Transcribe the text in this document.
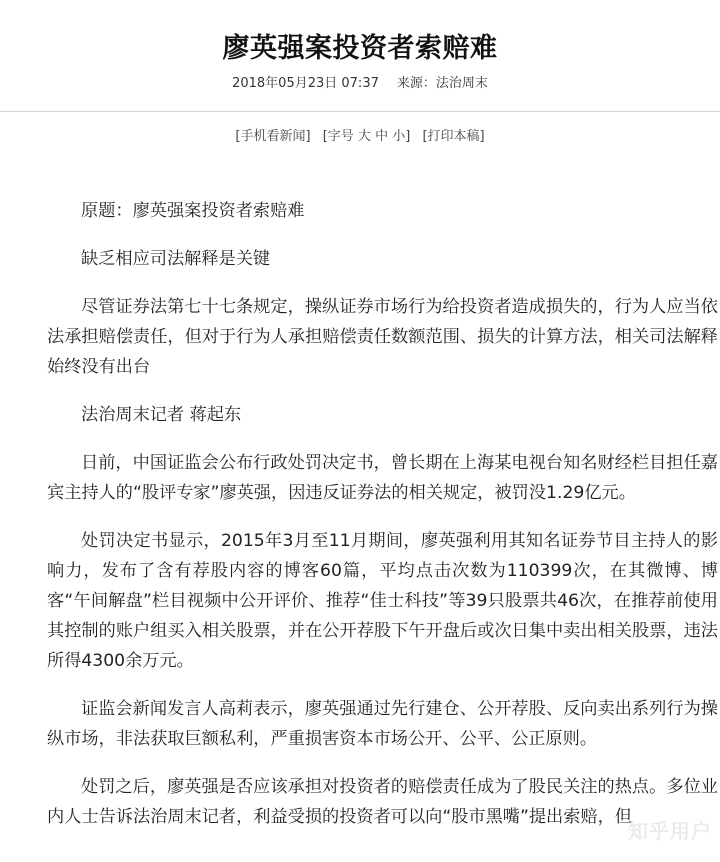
廖英强案投资者索赔难
2018年05月23日 07:37 来源：法治周末
[手机看新闻] [字号 大 中 小] [打印本稿]

原题：廖英强案投资者索赔难

缺乏相应司法解释是关键

尽管证券法第七十七条规定，操纵证券市场行为给投资者造成损失的，行为人应当依法承担赔偿责任，但对于行为人承担赔偿责任数额范围、损失的计算方法，相关司法解释始终没有出台

法治周末记者 蒋起东

日前，中国证监会公布行政处罚决定书，曾长期在上海某电视台知名财经栏目担任嘉宾主持人的“股评专家”廖英强，因违反证券法的相关规定，被罚没1.29亿元。

处罚决定书显示，2015年3月至11月期间，廖英强利用其知名证券节目主持人的影响力，发布了含有荐股内容的博客60篇，平均点击次数为110399次，在其微博、博客“午间解盘”栏目视频中公开评价、推荐“佳士科技”等39只股票共46次，在推荐前使用其控制的账户组买入相关股票，并在公开荐股下午开盘后或次日集中卖出相关股票，违法所得4300余万元。

证监会新闻发言人高莉表示，廖英强通过先行建仓、公开荐股、反向卖出系列行为操纵市场，非法获取巨额私利，严重损害资本市场公开、公平、公正原则。

处罚之后，廖英强是否应该承担对投资者的赔偿责任成为了股民关注的热点。多位业内人士告诉法治周末记者，利益受损的投资者可以向“股市黑嘴”提出索赔，但

知乎用户
